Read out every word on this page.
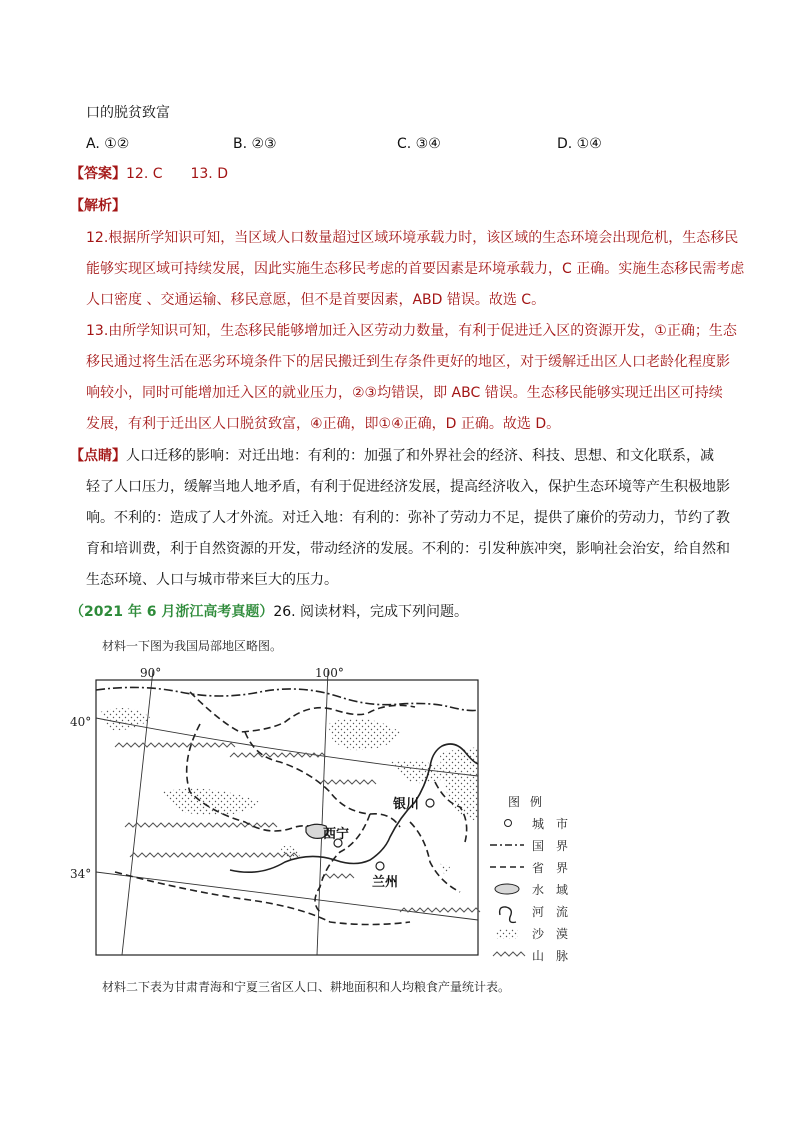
口的脱贫致富
A. ①②	B. ②③	C. ③④	D. ①④
【答案】12. C　　13. D
【解析】
12.根据所学知识可知，当区域人口数量超过区域环境承载力时，该区域的生态环境会出现危机，生态移民
能够实现区域可持续发展，因此实施生态移民考虑的首要因素是环境承载力，C 正确。实施生态移民需考虑
人口密度 、交通运输、移民意愿，但不是首要因素，ABD 错误。故选 C。
13.由所学知识可知，生态移民能够增加迁入区劳动力数量，有利于促进迁入区的资源开发，①正确；生态
移民通过将生活在恶劣环境条件下的居民搬迁到生存条件更好的地区，对于缓解迁出区人口老龄化程度影
响较小，同时可能增加迁入区的就业压力，②③均错误，即 ABC 错误。生态移民能够实现迁出区可持续
发展，有利于迁出区人口脱贫致富，④正确，即①④正确，D 正确。故选 D。
【点睛】人口迁移的影响：对迁出地：有利的：加强了和外界社会的经济、科技、思想、和文化联系，减
轻了人口压力，缓解当地人地矛盾，有利于促进经济发展，提高经济收入，保护生态环境等产生积极地影
响。不利的：造成了人才外流。对迁入地：有利的：弥补了劳动力不足，提供了廉价的劳动力，节约了教
育和培训费，利于自然资源的开发，带动经济的发展。不利的：引发种族冲突，影响社会治安，给自然和
生态环境、人口与城市带来巨大的压力。
（2021 年 6 月浙江高考真题）26. 阅读材料，完成下列问题。
材料一下图为我国局部地区略图。
90°	100°
40°
34°
银川
西宁
兰州
图例
城市
国界
省界
水域
河流
沙漠
山脉
材料二下表为甘肃青海和宁夏三省区人口、耕地面积和人均粮食产量统计表。
